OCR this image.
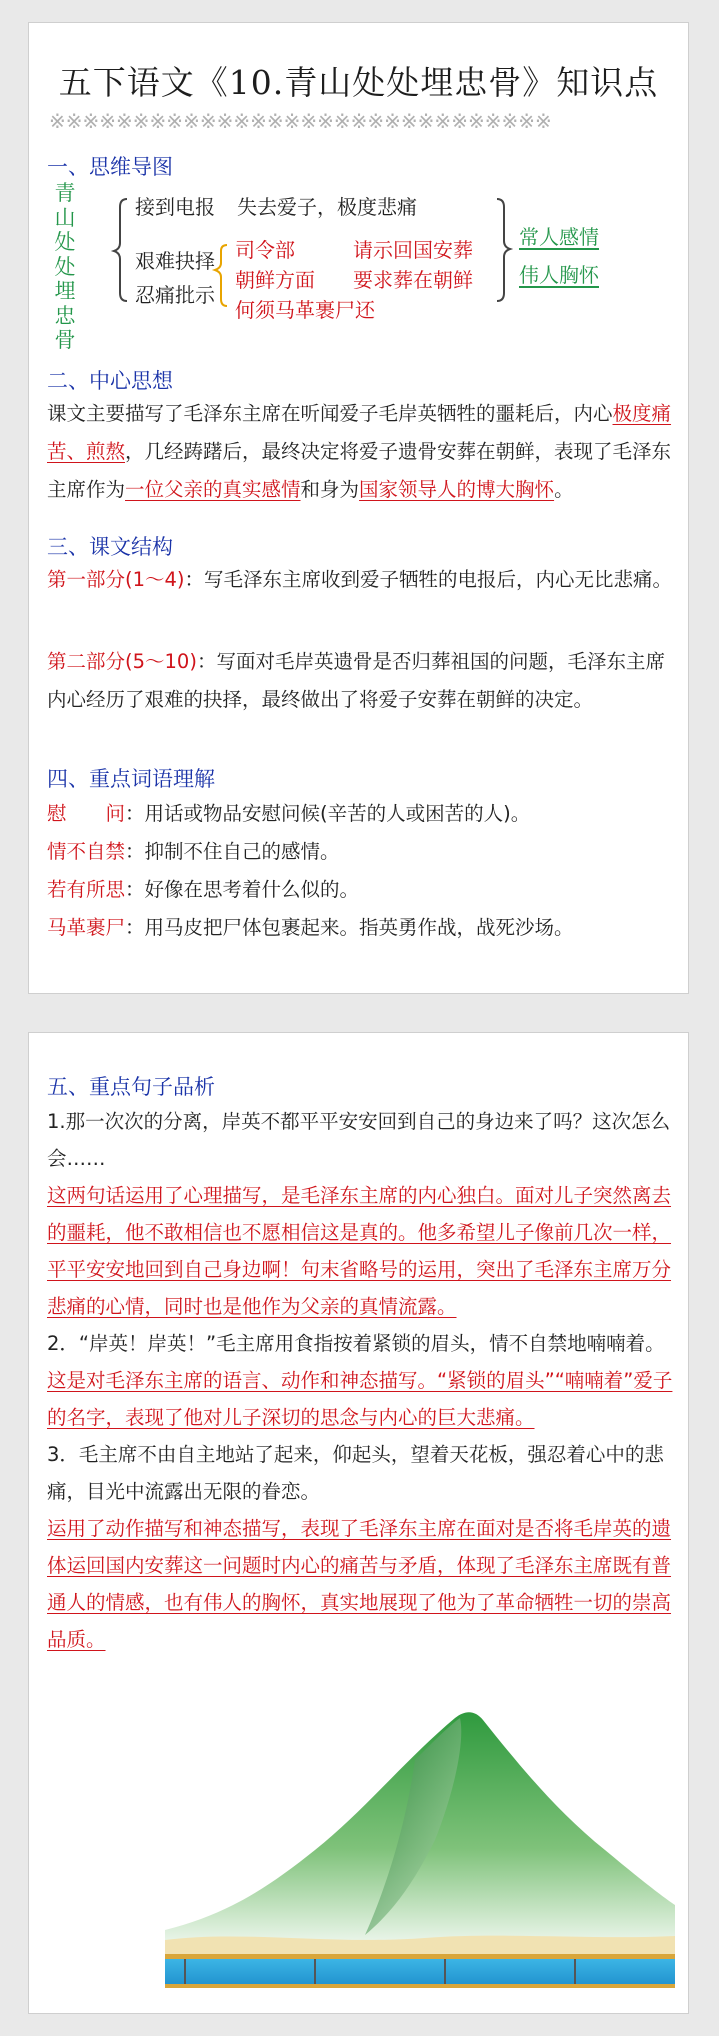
五下语文《10.青山处处埋忠骨》知识点
※※※※※※※※※※※※※※※※※※※※※※※※※※※※※※
一、思维导图
青山处处埋忠骨
接到电报 失去爱子，极度悲痛
艰难抉择
忍痛批示
司令部	请示回国安葬
朝鲜方面 要求葬在朝鲜
何须马革裹尸还
常人感情
伟人胸怀
二、中心思想
课文主要描写了毛泽东主席在听闻爱子毛岸英牺牲的噩耗后，内心极度痛苦、煎熬，几经踌躇后，最终决定将爱子遗骨安葬在朝鲜，表现了毛泽东主席作为一位父亲的真实感情和身为国家领导人的博大胸怀。
三、课文结构
第一部分(1～4)：写毛泽东主席收到爱子牺牲的电报后，内心无比悲痛。
第二部分(5～10)：写面对毛岸英遗骨是否归葬祖国的问题，毛泽东主席内心经历了艰难的抉择，最终做出了将爱子安葬在朝鲜的决定。
四、重点词语理解
慰　　问：用话或物品安慰问候(辛苦的人或困苦的人)。
情不自禁：抑制不住自己的感情。
若有所思：好像在思考着什么似的。
马革裹尸：用马皮把尸体包裹起来。指英勇作战，战死沙场。
五、重点句子品析
1.那一次次的分离，岸英不都平平安安回到自己的身边来了吗？这次怎么会……
这两句话运用了心理描写，是毛泽东主席的内心独白。面对儿子突然离去的噩耗，他不敢相信也不愿相信这是真的。他多希望儿子像前几次一样，平平安安地回到自己身边啊！句末省略号的运用，突出了毛泽东主席万分悲痛的心情，同时也是他作为父亲的真情流露。
2．“岸英！岸英！”毛主席用食指按着紧锁的眉头，情不自禁地喃喃着。
这是对毛泽东主席的语言、动作和神态描写。“紧锁的眉头”“喃喃着”爱子的名字，表现了他对儿子深切的思念与内心的巨大悲痛。
3．毛主席不由自主地站了起来，仰起头，望着天花板，强忍着心中的悲痛，目光中流露出无限的眷恋。
运用了动作描写和神态描写，表现了毛泽东主席在面对是否将毛岸英的遗体运回国内安葬这一问题时内心的痛苦与矛盾，体现了毛泽东主席既有普通人的情感，也有伟人的胸怀，真实地展现了他为了革命牺牲一切的崇高品质。
